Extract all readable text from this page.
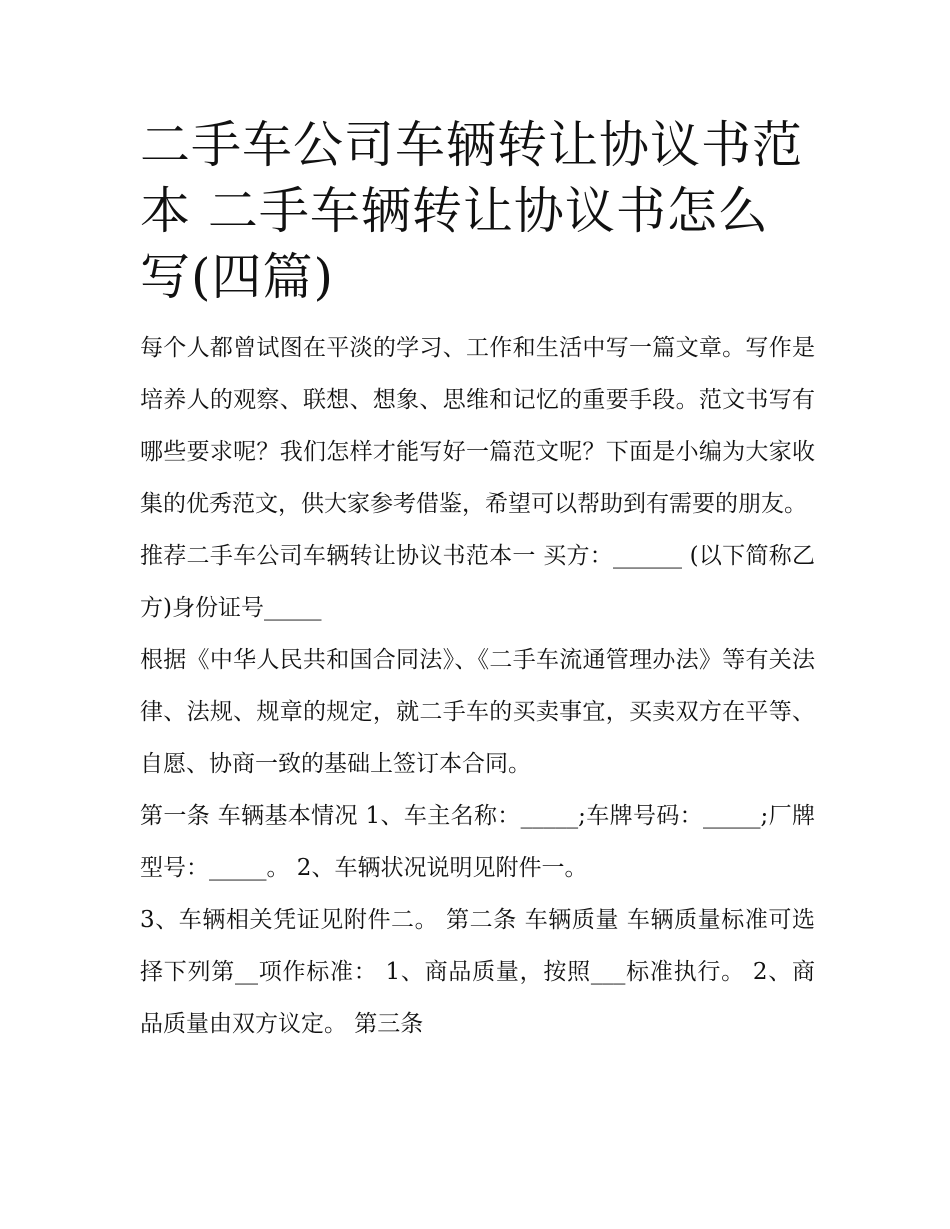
二手车公司车辆转让协议书范本 二手车辆转让协议书怎么写(四篇)

每个人都曾试图在平淡的学习、工作和生活中写一篇文章。写作是培养人的观察、联想、想象、思维和记忆的重要手段。范文书写有哪些要求呢？我们怎样才能写好一篇范文呢？下面是小编为大家收集的优秀范文，供大家参考借鉴，希望可以帮助到有需要的朋友。

推荐二手车公司车辆转让协议书范本一 买方：______ (以下简称乙方)身份证号_____

根据《中华人民共和国合同法》、《二手车流通管理办法》等有关法律、法规、规章的规定，就二手车的买卖事宜，买卖双方在平等、自愿、协商一致的基础上签订本合同。

第一条 车辆基本情况 1、车主名称：_____;车牌号码：_____;厂牌型号：_____。 2、车辆状况说明见附件一。

3、车辆相关凭证见附件二。 第二条 车辆质量 车辆质量标准可选择下列第__项作标准： 1、商品质量，按照___标准执行。 2、商品质量由双方议定。 第三条
